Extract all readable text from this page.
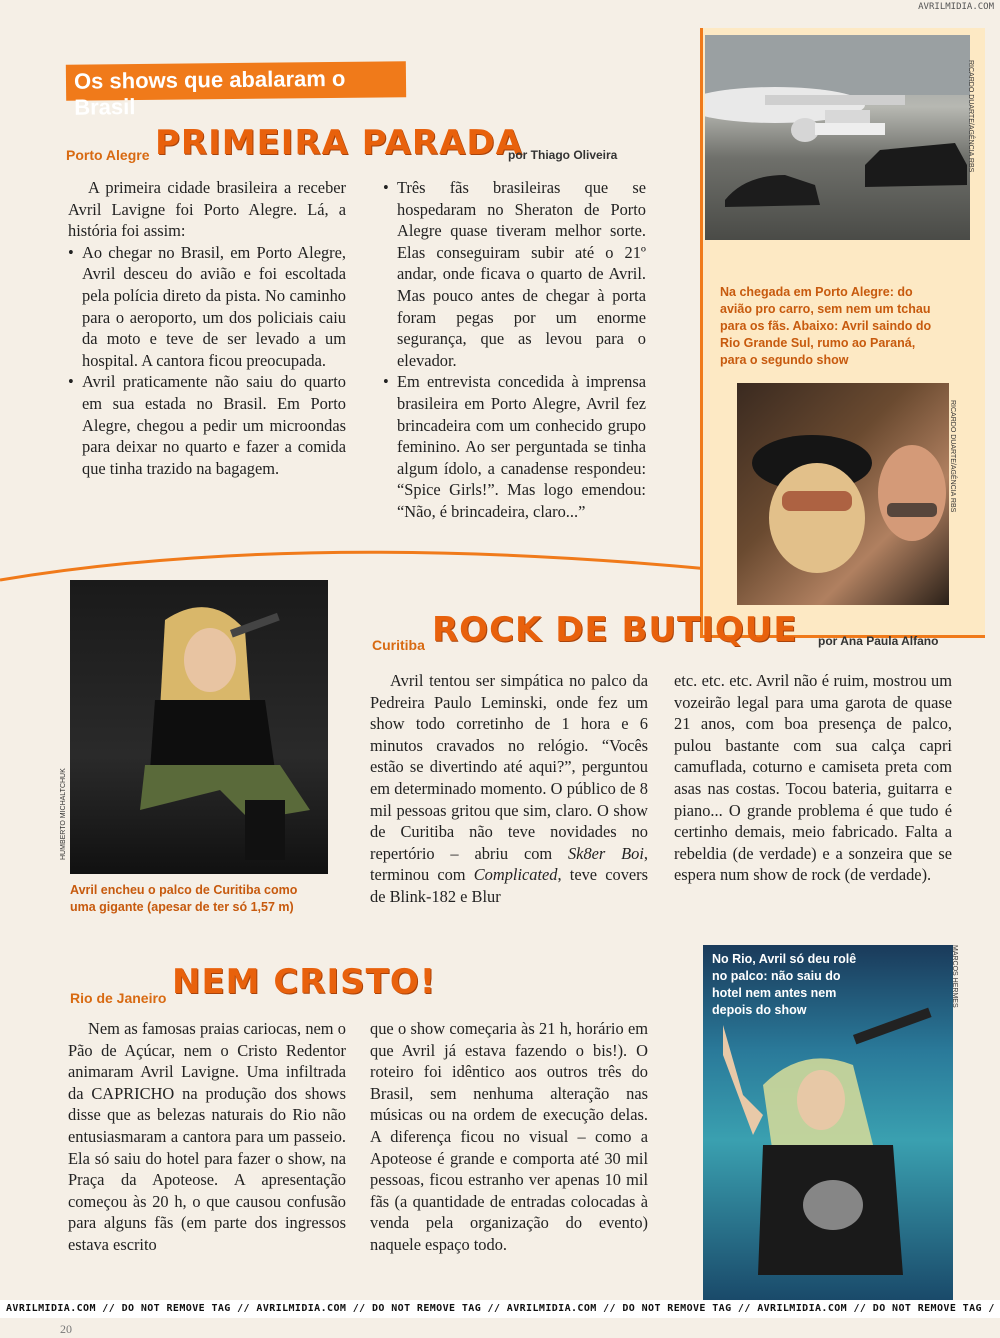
AVRILMIDIA.COM
Os shows que abalaram o Brasil	RICARDO DUARTE/AGÊNCIA RBS
Na chegada em Porto Alegre: do avião pro carro, sem nem um tchau para os fãs. Abaixo: Avril saindo do Rio Grande Sul, rumo ao Paraná, para o segundo show
RICARDO DUARTE/AGÊNCIA RBS
Porto Alegre PRIMEIRA PARADA
por Thiago Oliveira

A primeira cidade brasileira a receber Avril Lavigne foi Porto Alegre. Lá, a história foi assim:

• Ao chegar no Brasil, em Porto Alegre, Avril desceu do avião e foi escoltada pela polícia direto da pista. No caminho para o aeroporto, um dos policiais caiu da moto e teve de ser levado a um hospital. A cantora ficou preocupada.

• Avril praticamente não saiu do quarto em sua estada no Brasil. Em Porto Alegre, chegou a pedir um microondas para deixar no quarto e fazer a comida que tinha trazido na bagagem.

• Três fãs brasileiras que se hospedaram no Sheraton de Porto Alegre quase tiveram melhor sorte. Elas conseguiram subir até o 21º andar, onde ficava o quarto de Avril. Mas pouco antes de chegar à porta foram pegas por um enorme segurança, que as levou para o elevador.

• Em entrevista concedida à imprensa brasileira em Porto Alegre, Avril fez brincadeira com um conhecido grupo feminino. Ao ser perguntada se tinha algum ídolo, a canadense respondeu: “Spice Girls!”. Mas logo emendou: “Não, é brincadeira, claro...”

HUMBERTO MICHALTCHUK
Avril encheu o palco de Curitiba como uma gigante (apesar de ter só 1,57 m)
Curitiba ROCK DE BUTIQUE por Ana Paula Alfano

Avril tentou ser simpática no palco da Pedreira Paulo Leminski, onde fez um show todo corretinho de 1 hora e 6 minutos cravados no relógio. “Vocês estão se divertindo até aqui?”, perguntou em determinado momento. O público de 8 mil pessoas gritou que sim, claro. O show de Curitiba não teve novidades no repertório – abriu com Sk8er Boi, terminou com Complicated, teve covers de Blink-182 e Blur

etc. etc. etc. Avril não é ruim, mostrou um vozeirão legal para uma garota de quase 21 anos, com boa presença de palco, pulou bastante com sua calça capri camuflada, coturno e camiseta preta com asas nas costas. Tocou bateria, guitarra e piano... O grande problema é que tudo é certinho demais, meio fabricado. Falta a rebeldia (de verdade) e a sonzeira que se espera num show de rock (de verdade).

Rio de Janeiro NEM CRISTO!

Nem as famosas praias cariocas, nem o Pão de Açúcar, nem o Cristo Redentor animaram Avril Lavigne. Uma infiltrada da CAPRICHO na produção dos shows disse que as belezas naturais do Rio não entusiasmaram a cantora para um passeio. Ela só saiu do hotel para fazer o show, na Praça da Apoteose. A apresentação começou às 20 h, o que causou confusão para alguns fãs (em parte dos ingressos estava escrito

que o show começaria às 21 h, horário em que Avril já estava fazendo o bis!). O roteiro foi idêntico aos outros três do Brasil, sem nenhuma alteração nas músicas ou na ordem de execução delas. A diferença ficou no visual – como a Apoteose é grande e comporta até 30 mil pessoas, ficou estranho ver apenas 10 mil fãs (a quantidade de entradas colocadas à venda pela organização do evento) naquele espaço todo.

No Rio, Avril só deu rolê no palco: não saiu do hotel nem antes nem depois do show
MARCOS HERMES
AVRILMIDIA.COM // DO NOT REMOVE TAG // AVRILMIDIA.COM // DO NOT REMOVE TAG // AVRILMIDIA.COM // DO NOT REMOVE TAG // AVRILMIDIA.COM // DO NOT REMOVE TAG /
20
